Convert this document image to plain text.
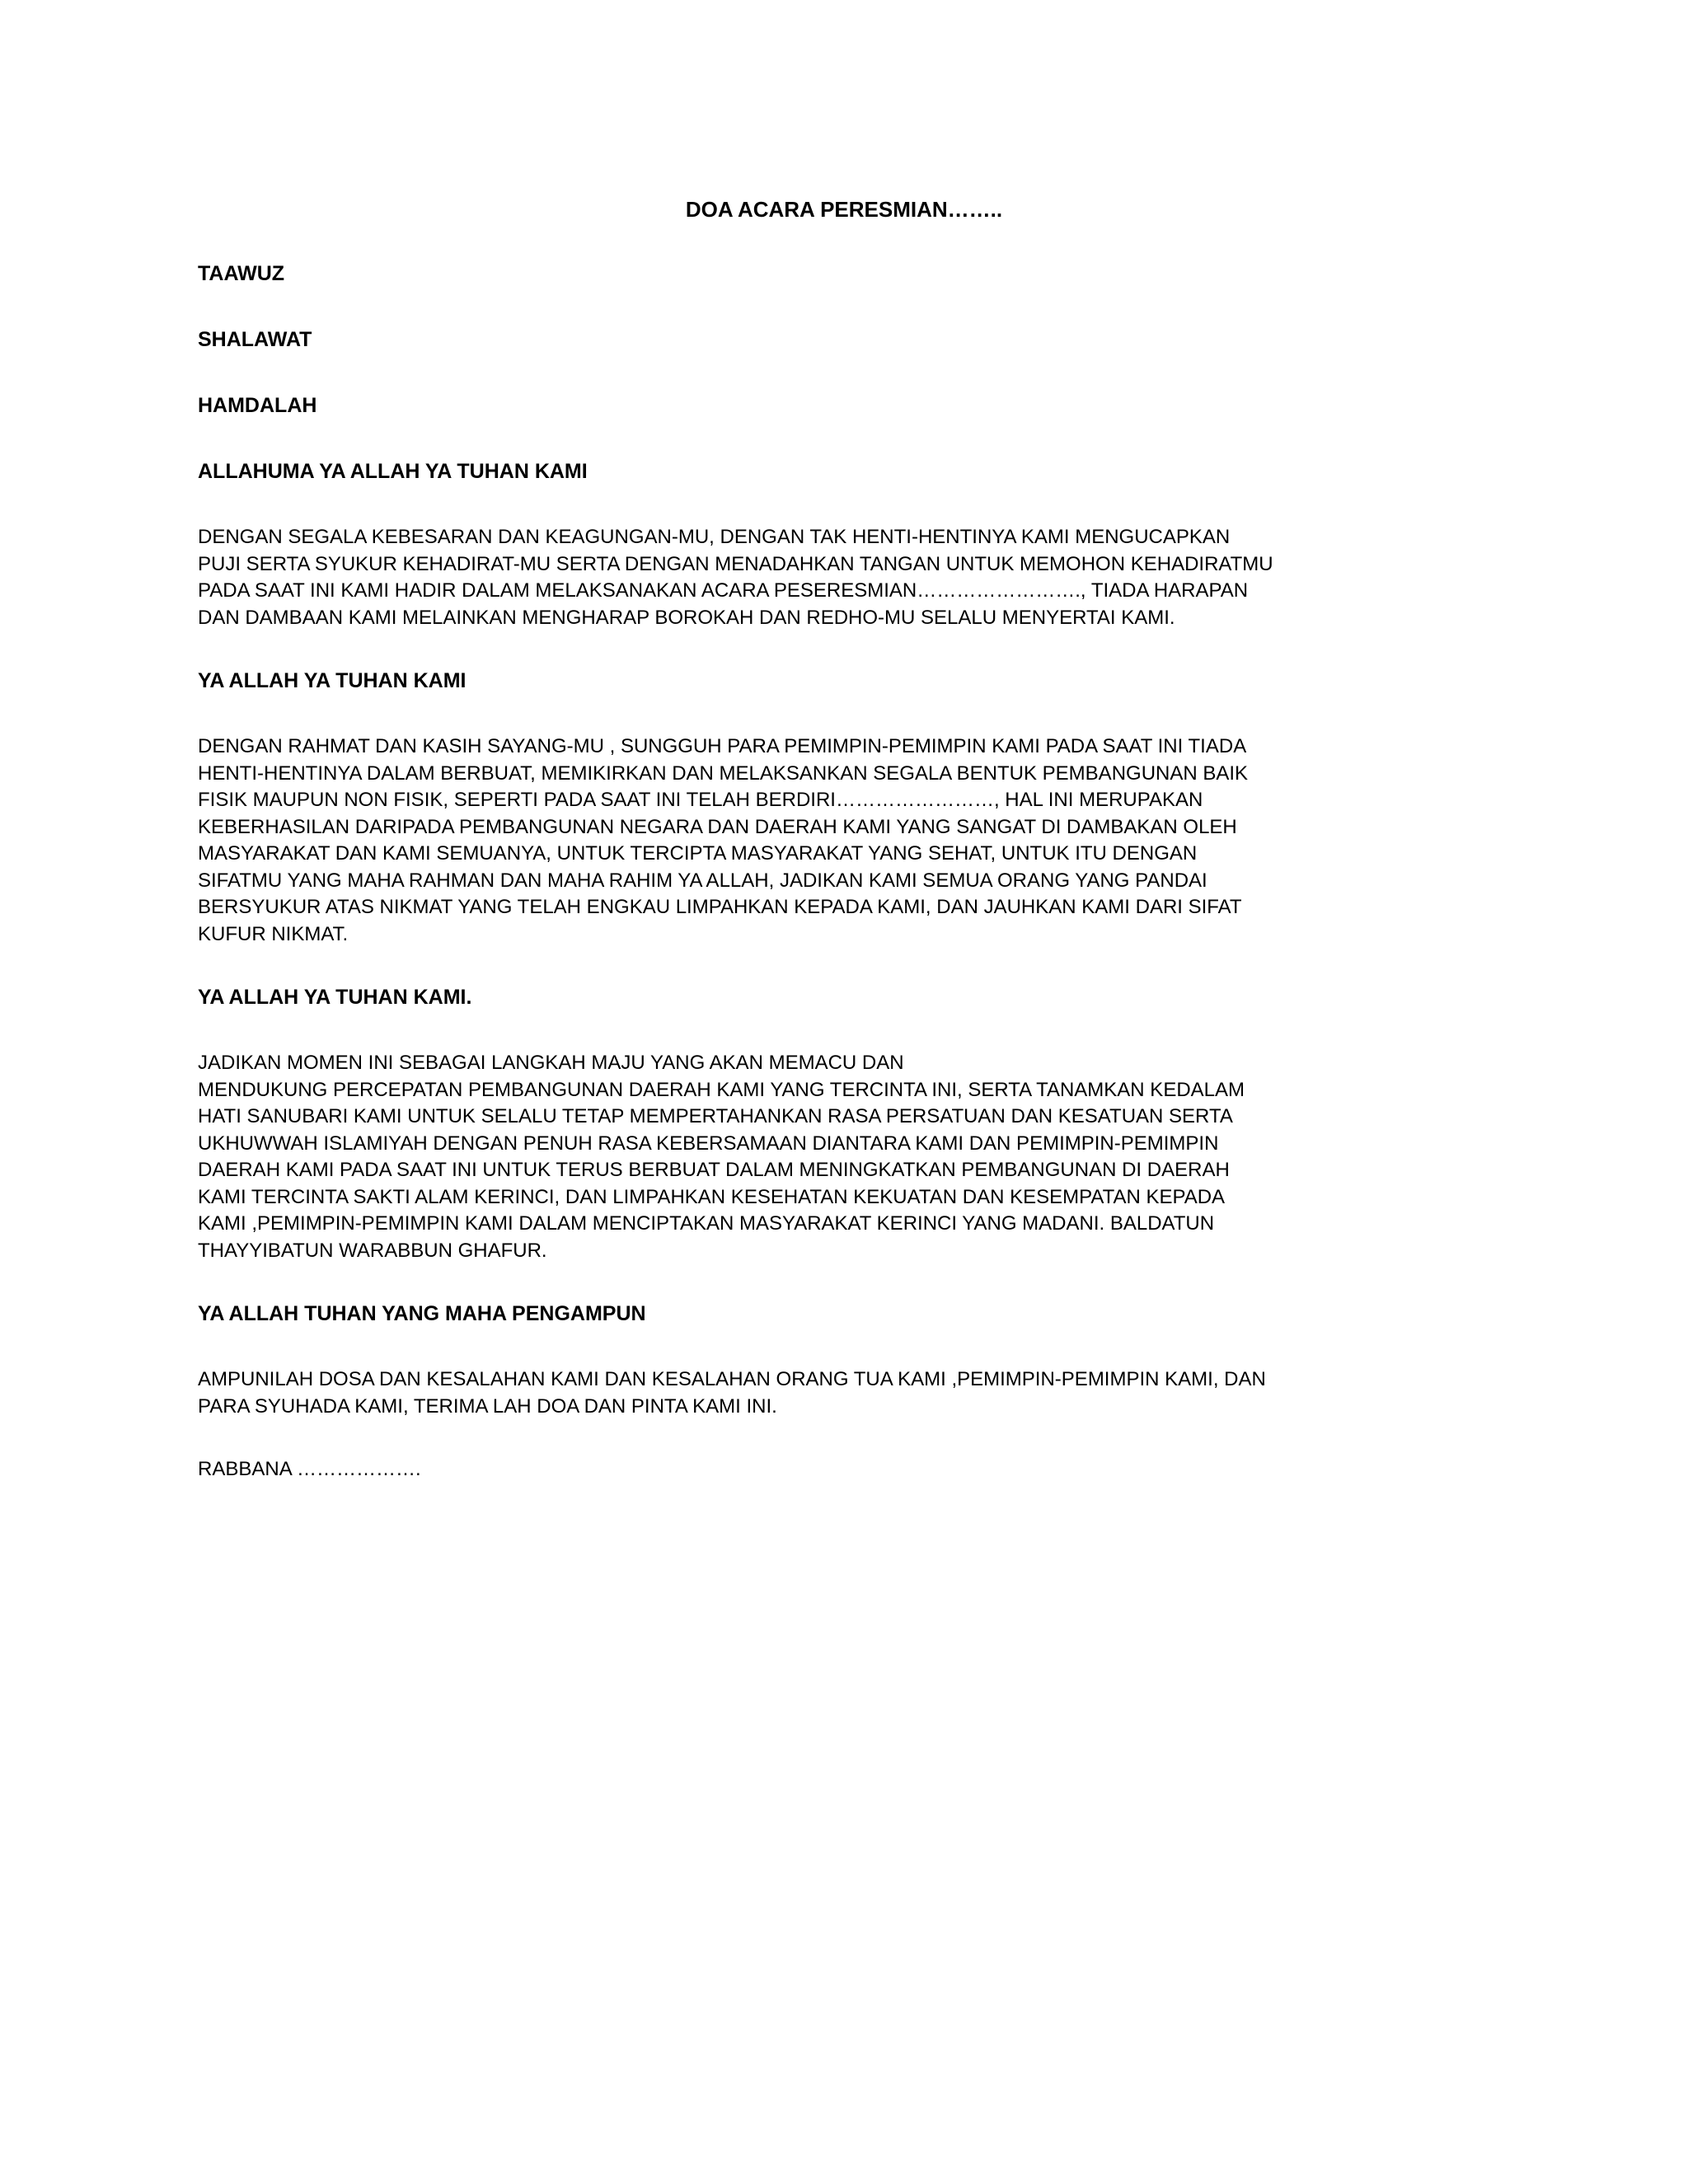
DOA ACARA PERESMIAN……..

TAAWUZ

SHALAWAT

HAMDALAH

ALLAHUMA YA ALLAH YA TUHAN KAMI

DENGAN SEGALA KEBESARAN DAN KEAGUNGAN-MU, DENGAN TAK HENTI-HENTINYA KAMI MENGUCAPKAN
PUJI SERTA SYUKUR KEHADIRAT-MU SERTA DENGAN MENADAHKAN TANGAN UNTUK MEMOHON KEHADIRATMU
PADA SAAT INI KAMI HADIR DALAM MELAKSANAKAN ACARA PESERESMIAN……………………., TIADA HARAPAN
DAN DAMBAAN KAMI MELAINKAN MENGHARAP BOROKAH DAN REDHO-MU SELALU MENYERTAI KAMI.

YA ALLAH YA TUHAN KAMI

DENGAN RAHMAT DAN KASIH SAYANG-MU , SUNGGUH PARA PEMIMPIN-PEMIMPIN KAMI PADA SAAT INI TIADA
HENTI-HENTINYA DALAM BERBUAT, MEMIKIRKAN DAN MELAKSANKAN SEGALA BENTUK PEMBANGUNAN BAIK
FISIK MAUPUN NON FISIK, SEPERTI PADA SAAT INI TELAH BERDIRI……………………, HAL INI MERUPAKAN
KEBERHASILAN DARIPADA PEMBANGUNAN NEGARA DAN DAERAH KAMI YANG SANGAT DI DAMBAKAN OLEH
MASYARAKAT DAN KAMI SEMUANYA, UNTUK TERCIPTA MASYARAKAT YANG SEHAT, UNTUK ITU DENGAN
SIFATMU YANG MAHA RAHMAN DAN MAHA RAHIM YA ALLAH, JADIKAN KAMI SEMUA ORANG YANG PANDAI
BERSYUKUR ATAS NIKMAT YANG TELAH ENGKAU LIMPAHKAN KEPADA KAMI, DAN JAUHKAN KAMI DARI SIFAT
KUFUR NIKMAT.

YA ALLAH YA TUHAN KAMI.

JADIKAN MOMEN INI SEBAGAI LANGKAH MAJU YANG AKAN MEMACU DAN
MENDUKUNG PERCEPATAN PEMBANGUNAN DAERAH KAMI YANG TERCINTA INI, SERTA TANAMKAN KEDALAM
HATI SANUBARI KAMI UNTUK SELALU TETAP MEMPERTAHANKAN RASA PERSATUAN DAN KESATUAN SERTA
UKHUWWAH ISLAMIYAH DENGAN PENUH RASA KEBERSAMAAN DIANTARA KAMI DAN PEMIMPIN-PEMIMPIN
DAERAH KAMI PADA SAAT INI UNTUK TERUS BERBUAT DALAM MENINGKATKAN PEMBANGUNAN DI DAERAH
KAMI TERCINTA SAKTI ALAM KERINCI, DAN LIMPAHKAN KESEHATAN KEKUATAN DAN KESEMPATAN KEPADA
KAMI ,PEMIMPIN-PEMIMPIN KAMI DALAM MENCIPTAKAN MASYARAKAT KERINCI YANG MADANI. BALDATUN
THAYYIBATUN WARABBUN GHAFUR.

YA ALLAH TUHAN YANG MAHA PENGAMPUN

AMPUNILAH DOSA DAN KESALAHAN KAMI DAN KESALAHAN ORANG TUA KAMI ,PEMIMPIN-PEMIMPIN KAMI, DAN
PARA SYUHADA KAMI, TERIMA LAH DOA DAN PINTA KAMI INI.

RABBANA ……………….
